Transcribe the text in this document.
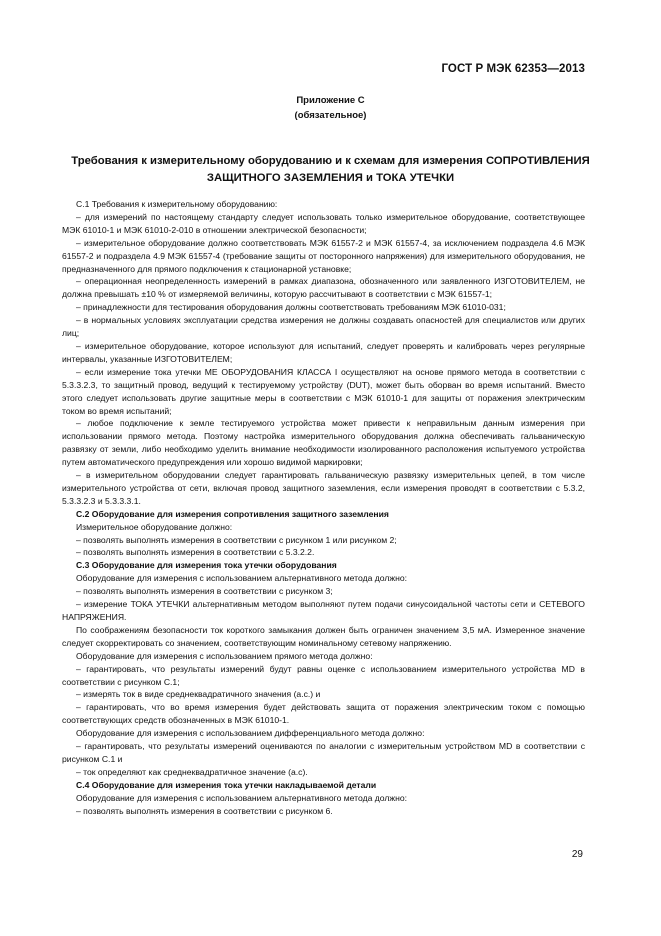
ГОСТ Р МЭК 62353—2013
Приложение С
(обязательное)
Требования к измерительному оборудованию и к схемам для измерения СОПРОТИВЛЕНИЯ
ЗАЩИТНОГО ЗАЗЕМЛЕНИЯ и ТОКА УТЕЧКИ

С.1 Требования к измерительному оборудованию:

– для измерений по настоящему стандарту следует использовать только измерительное оборудование, соответствующее МЭК 61010-1 и МЭК 61010-2-010 в отношении электрической безопасности;

– измерительное оборудование должно соответствовать МЭК 61557-2 и МЭК 61557-4, за исключением подраздела 4.6 МЭК 61557-2 и подраздела 4.9 МЭК 61557-4 (требование защиты от посторонного напряжения) для измерительного оборудования, не предназначенного для прямого подключения к стационарной установке;

– операционная неопределенность измерений в рамках диапазона, обозначенного или заявленного ИЗГОТОВИТЕЛЕМ, не должна превышать ±10 % от измеряемой величины, которую рассчитывают в соответствии с МЭК 61557-1;

– принадлежности для тестирования оборудования должны соответствовать требованиям МЭК 61010-031;

– в нормальных условиях эксплуатации средства измерения не должны создавать опасностей для специалистов или других лиц;

– измерительное оборудование, которое используют для испытаний, следует проверять и калибровать через регулярные интервалы, указанные ИЗГОТОВИТЕЛЕМ;

– если измерение тока утечки МЕ ОБОРУДОВАНИЯ КЛАССА I осуществляют на основе прямого метода в соответствии с 5.3.3.2.3, то защитный провод, ведущий к тестируемому устройству (DUT), может быть оборван во время испытаний. Вместо этого следует использовать другие защитные меры в соответствии с МЭК 61010-1 для защиты от поражения электрическим током во время испытаний;

– любое подключение к земле тестируемого устройства может привести к неправильным данным измерения при использовании прямого метода. Поэтому настройка измерительного оборудования должна обеспечивать гальваническую развязку от земли, либо необходимо уделить внимание необходимости изолированного расположения испытуемого устройства путем автоматического предупреждения или хорошо видимой маркировки;

– в измерительном оборудовании следует гарантировать гальваническую развязку измерительных цепей, в том числе измерительного устройства от сети, включая провод защитного заземления, если измерения проводят в соответствии с 5.3.2, 5.3.3.2.3 и 5.3.3.3.1.

С.2 Оборудование для измерения сопротивления защитного заземления

Измерительное оборудование должно:

– позволять выполнять измерения в соответствии с рисунком 1 или рисунком 2;

– позволять выполнять измерения в соответствии с 5.3.2.2.

С.3 Оборудование для измерения тока утечки оборудования

Оборудование для измерения с использованием альтернативного метода должно:

– позволять выполнять измерения в соответствии с рисунком 3;

– измерение ТОКА УТЕЧКИ альтернативным методом выполняют путем подачи синусоидальной частоты сети и СЕТЕВОГО НАПРЯЖЕНИЯ.

По соображениям безопасности ток короткого замыкания должен быть ограничен значением 3,5 мА. Измеренное значение следует скорректировать со значением, соответствующим номинальному сетевому напряжению.

Оборудование для измерения с использованием прямого метода должно:

– гарантировать, что результаты измерений будут равны оценке с использованием измерительного устройства MD в соответствии с рисунком С.1;

– измерять ток в виде среднеквадратичного значения (a.c.) и

– гарантировать, что во время измерения будет действовать защита от поражения электрическим током с помощью соответствующих средств обозначенных в МЭК 61010-1.

Оборудование для измерения с использованием дифференциального метода должно:

– гарантировать, что результаты измерений оцениваются по аналогии с измерительным устройством MD в соответствии с рисунком С.1 и

– ток определяют как среднеквадратичное значение (a.c).

С.4 Оборудование для измерения тока утечки накладываемой детали

Оборудование для измерения с использованием альтернативного метода должно:

– позволять выполнять измерения в соответствии с рисунком 6.

29
